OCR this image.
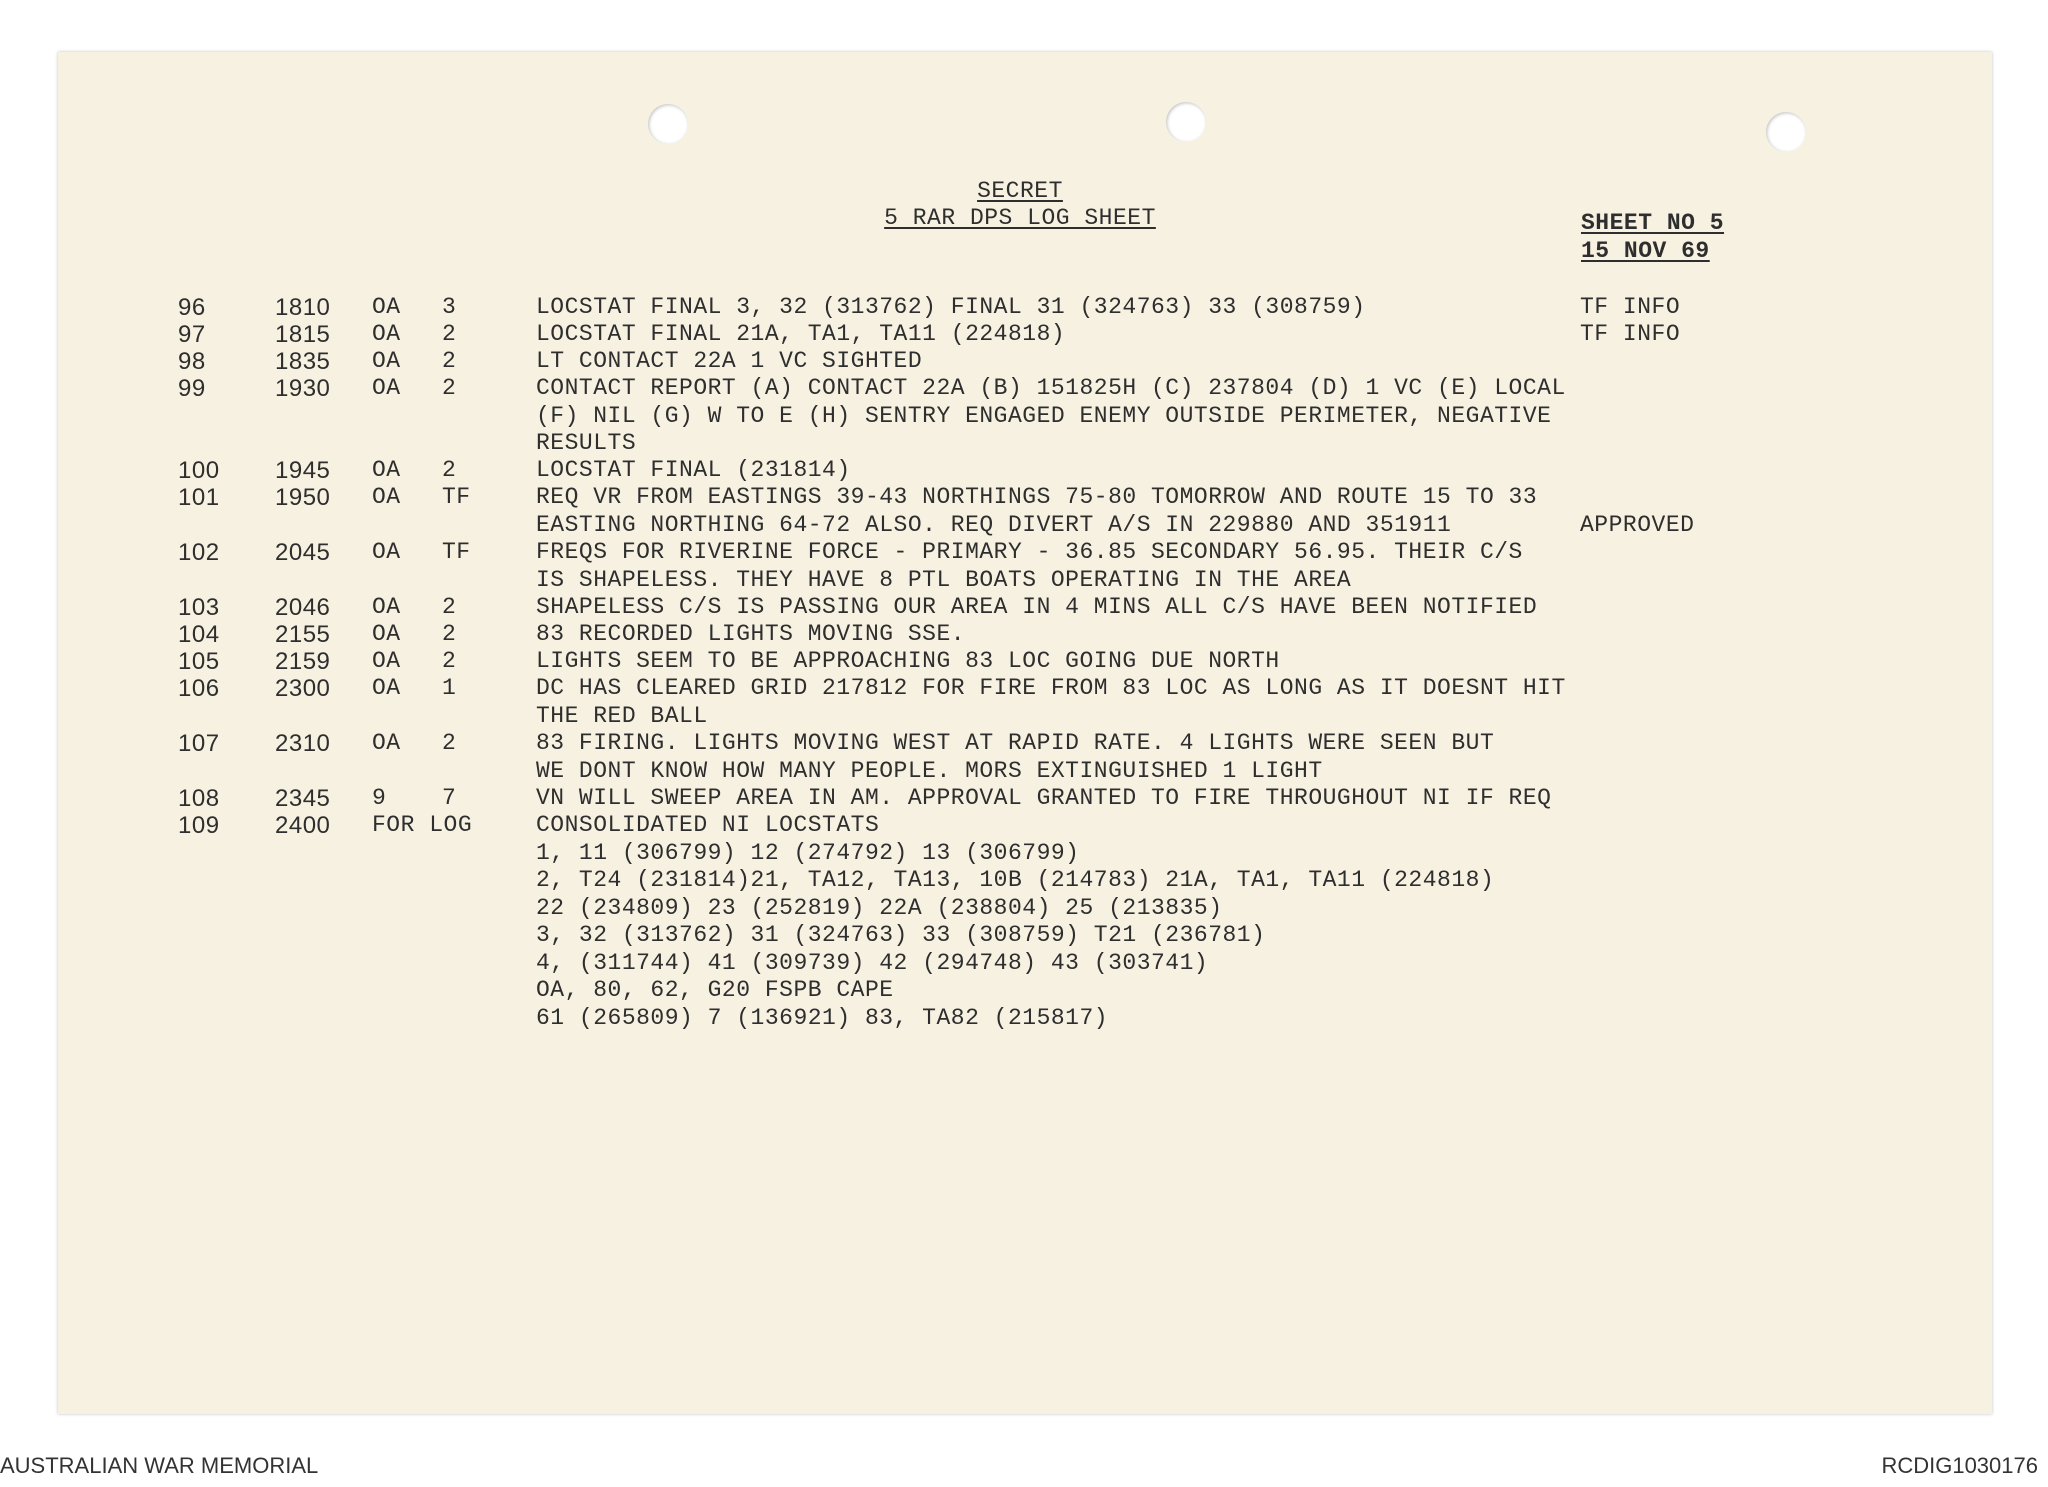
SECRET
5 RAR DPS LOG SHEET	SHEET NO 5
15 NOV 69
96	1810 OA 3	LOCSTAT FINAL 3, 32 (313762) FINAL 31 (324763) 33 (308759)	TF INFO
97	1815 OA 2	LOCSTAT FINAL 21A, TA1, TA11 (224818)	TF INFO
98	1835 OA 2	LT CONTACT 22A 1 VC SIGHTED
99	1930 OA 2	CONTACT REPORT (A) CONTACT 22A (B) 151825H (C) 237804 (D) 1 VC (E) LOCAL
(F) NIL (G) W TO E (H) SENTRY ENGAGED ENEMY OUTSIDE PERIMETER, NEGATIVE
RESULTS
100 1945 OA 2	LOCSTAT FINAL (231814)
101 1950 OA TF	REQ VR FROM EASTINGS 39-43 NORTHINGS 75-80 TOMORROW AND ROUTE 15 TO 33
EASTING NORTHING 64-72 ALSO. REQ DIVERT A/S IN 229880 AND 351911	APPROVED
102 2045 OA TF	FREQS FOR RIVERINE FORCE - PRIMARY - 36.85 SECONDARY 56.95. THEIR C/S
IS SHAPELESS. THEY HAVE 8 PTL BOATS OPERATING IN THE AREA
103 2046 OA 2	SHAPELESS C/S IS PASSING OUR AREA IN 4 MINS ALL C/S HAVE BEEN NOTIFIED
104 2155 OA 2	83 RECORDED LIGHTS MOVING SSE.
105 2159 OA 2	LIGHTS SEEM TO BE APPROACHING 83 LOC GOING DUE NORTH
106 2300 OA 1	DC HAS CLEARED GRID 217812 FOR FIRE FROM 83 LOC AS LONG AS IT DOESNT HIT
THE RED BALL
107 2310 OA 2	83 FIRING. LIGHTS MOVING WEST AT RAPID RATE. 4 LIGHTS WERE SEEN BUT
WE DONT KNOW HOW MANY PEOPLE. MORS EXTINGUISHED 1 LIGHT
108 2345 9 7	VN WILL SWEEP AREA IN AM. APPROVAL GRANTED TO FIRE THROUGHOUT NI IF REQ
109 2400 FOR LOG	CONSOLIDATED NI LOCSTATS
1, 11 (306799) 12 (274792) 13 (306799)
2, T24 (231814)21, TA12, TA13, 10B (214783) 21A, TA1, TA11 (224818)
22 (234809) 23 (252819) 22A (238804) 25 (213835)
3, 32 (313762) 31 (324763) 33 (308759) T21 (236781)
4, (311744) 41 (309739) 42 (294748) 43 (303741)
OA, 80, 62, G20 FSPB CAPE
61 (265809) 7 (136921) 83, TA82 (215817)
AUSTRALIAN WAR MEMORIAL	RCDIG1030176
